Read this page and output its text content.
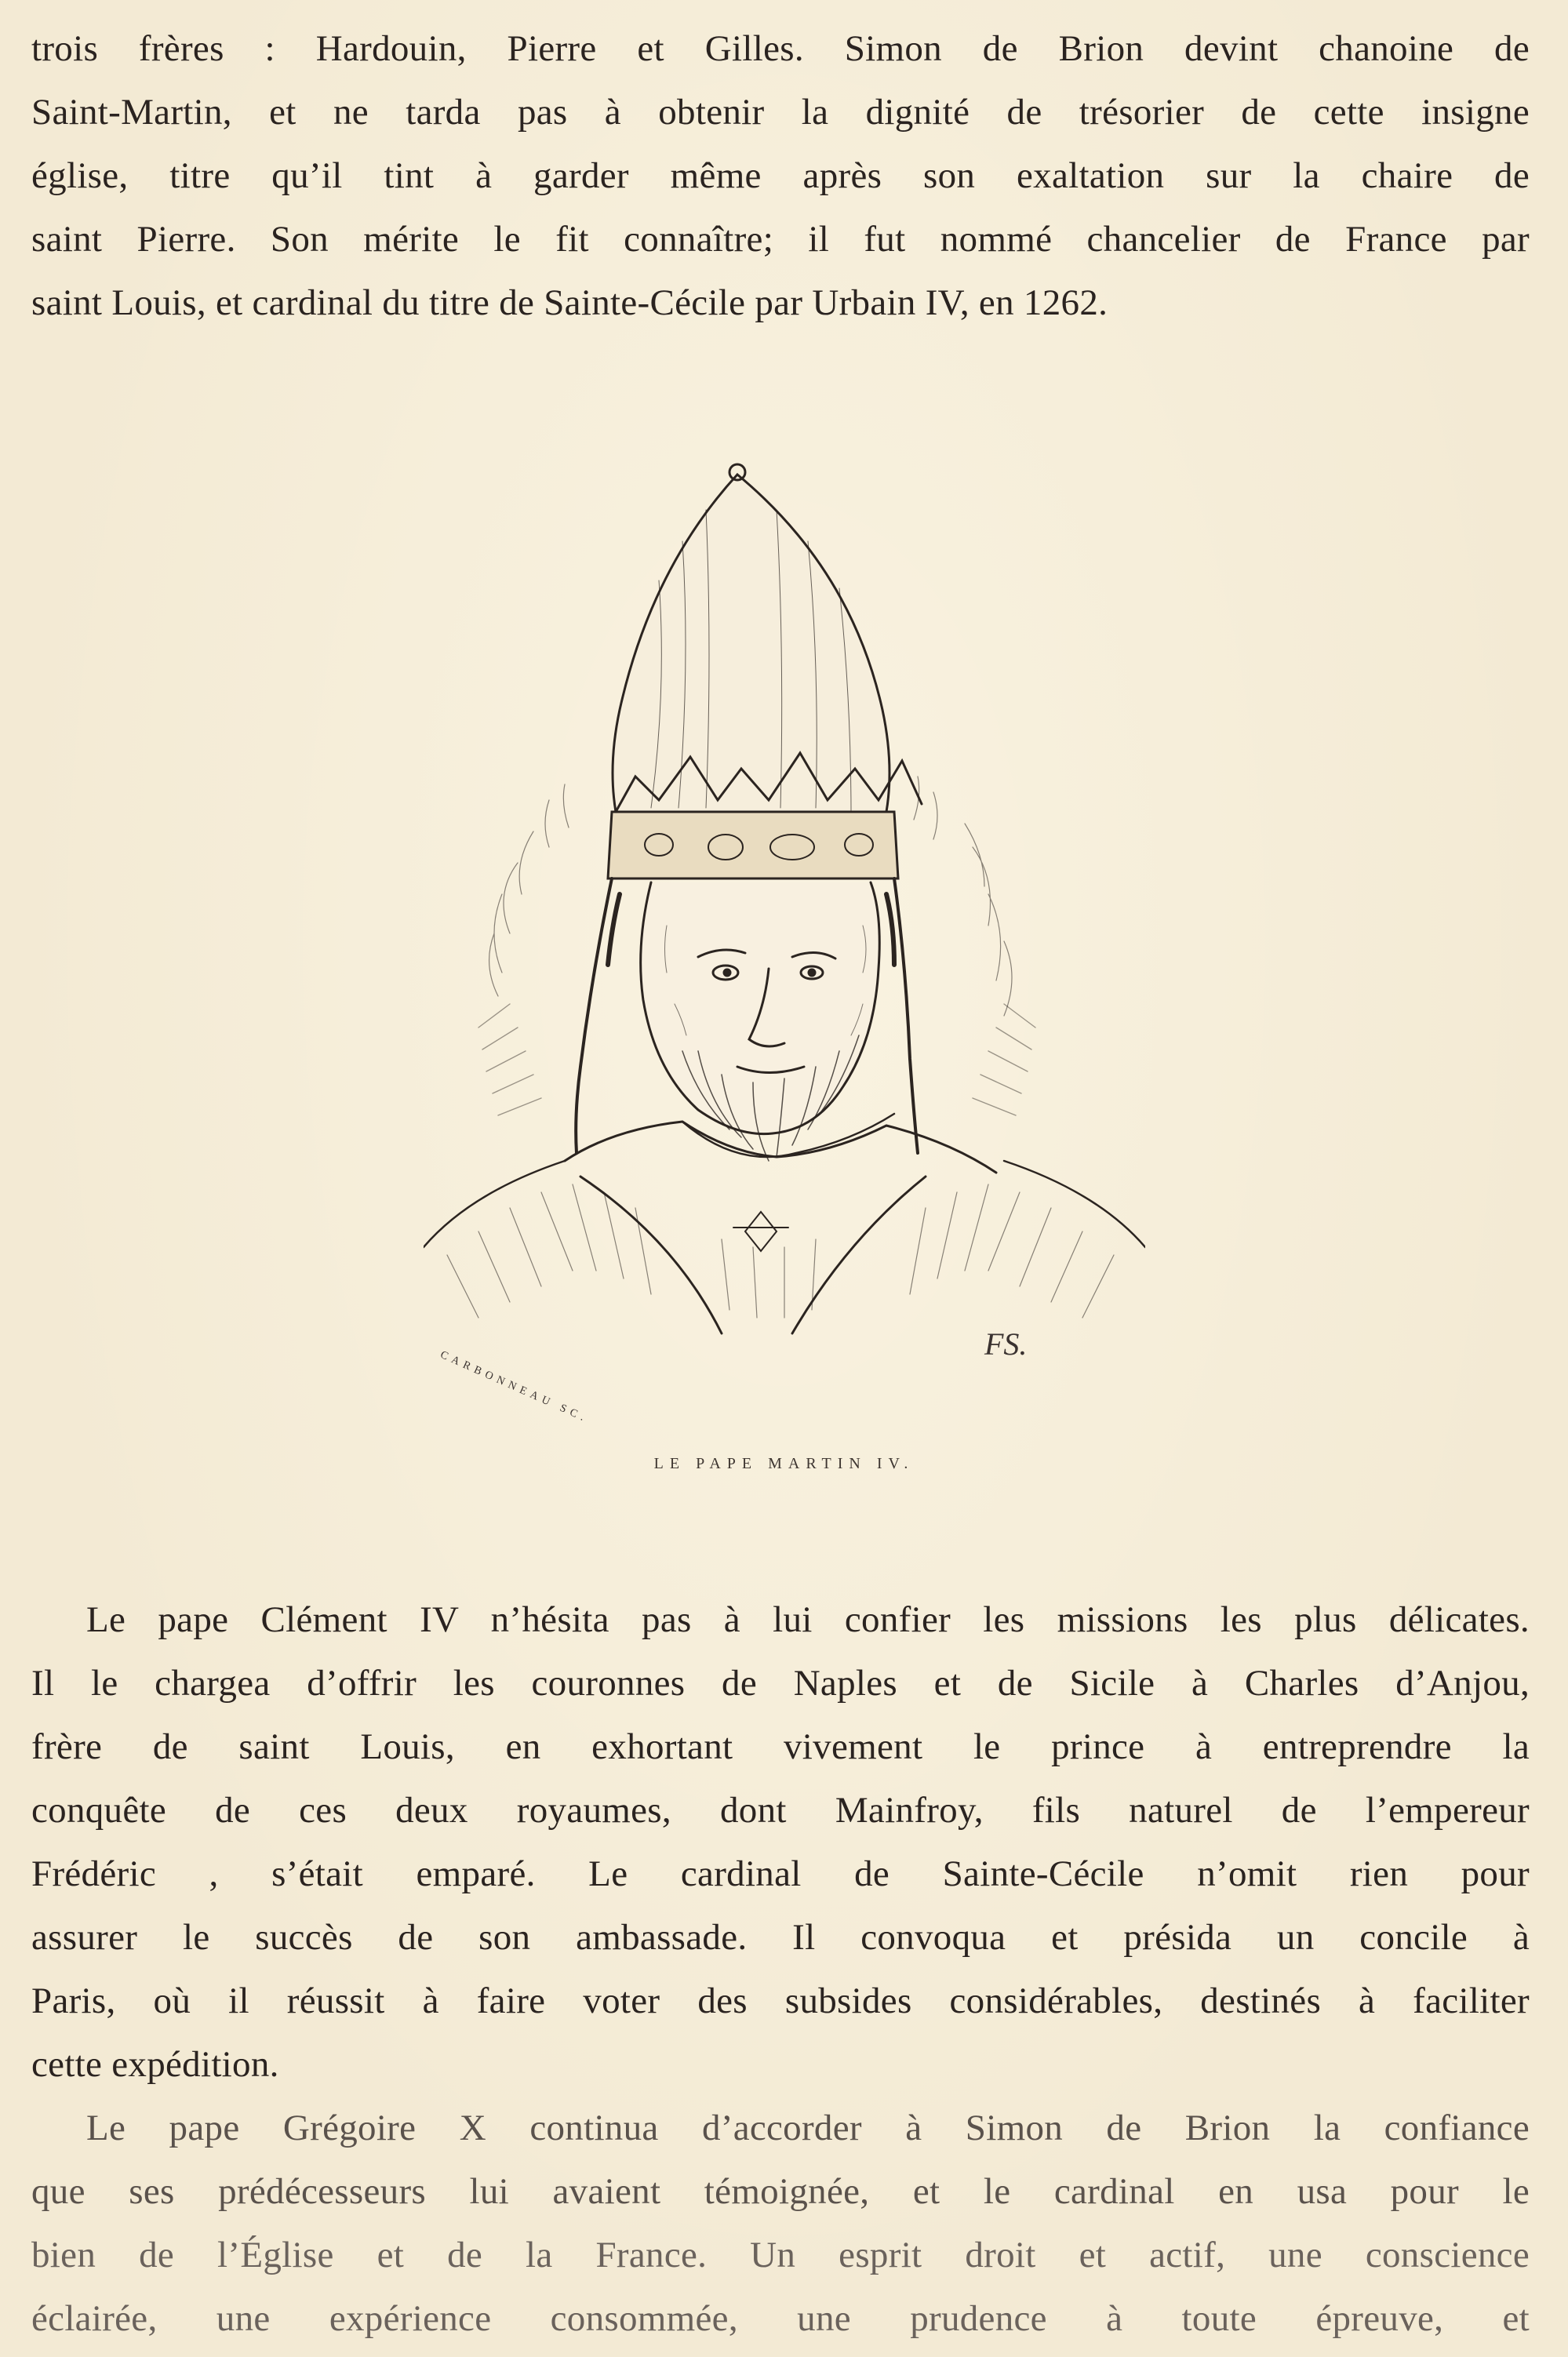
trois frères : Hardouin, Pierre et Gilles. Simon de Brion devint chanoine de
Saint-Martin, et ne tarda pas à obtenir la dignité de trésorier de cette insigne
église, titre qu’il tint à garder même après son exaltation sur la chaire de
saint Pierre. Son mérite le fit connaître; il fut nommé chancelier de France par
saint Louis, et cardinal du titre de Sainte-Cécile par Urbain IV, en 1262.
CARBONNEAU SC.
FS.
LE PAPE MARTIN IV.
Le pape Clément IV n’hésita pas à lui confier les missions les plus délicates.
Il le chargea d’offrir les couronnes de Naples et de Sicile à Charles d’Anjou,
frère de saint Louis, en exhortant vivement le prince à entreprendre la
conquête de ces deux royaumes, dont Mainfroy, fils naturel de l’empereur
Frédéric , s’était emparé. Le cardinal de Sainte-Cécile n’omit rien pour
assurer le succès de son ambassade. Il convoqua et présida un concile à
Paris, où il réussit à faire voter des subsides considérables, destinés à faciliter
cette expédition.
Le pape Grégoire X continua d’accorder à Simon de Brion la confiance
que ses prédécesseurs lui avaient témoignée, et le cardinal en usa pour le
bien de l’Église et de la France. Un esprit droit et actif, une conscience
éclairée, une expérience consommée, une prudence à toute épreuve, et
